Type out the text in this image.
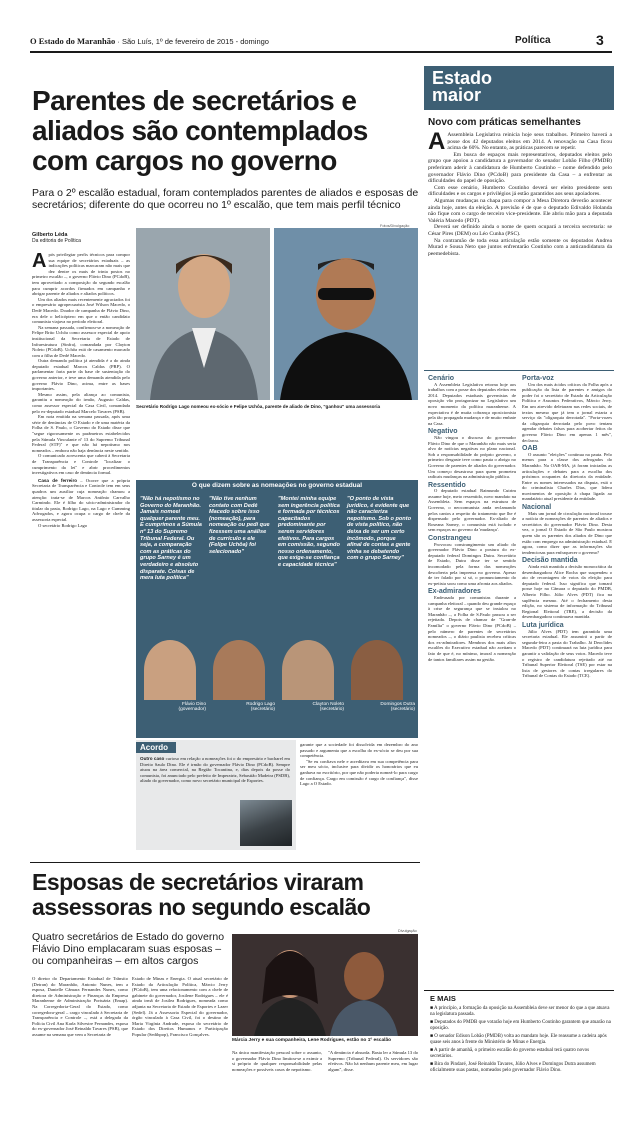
O Estado do Maranhão · São Luís, 1º de fevereiro de 2015 - domingo	Política	3
Parentes de secretários e aliados são contemplados com cargos no governo
Para o 2º escalão estadual, foram contemplados parentes de aliados e esposas de secretários; diferente do que ocorreu no 1º escalão, que tem mais perfil técnico
Fotos/Divulgação
Estado
maior
Novo com práticas semelhantes

A Assembleia Legislativa reinicia hoje seus trabalhos. Primeiro haverá a posse dos 42 deputados eleitos em 2014. A renovação na Casa ficou acima de 60%. No entanto, as práticas parecem se repetir.

Em busca de espaços mais representativos, deputados eleitos pelo grupo que apoiou a candidatura a governador do senador Lobão Filho (PMDB) preferiram aderir à candidatura de Humberto Coutinho – nome defendido pelo governador Flávio Dino (PCdoB) para presidente da Casa – a enfrentar as dificuldades do papel de oposição.

Com esse cenário, Humberto Coutinho deverá ser eleito presidente sem dificuldades e os cargos e privilégios já estão garantidos aos seus apoiadores.

Algumas mudanças na chapa para compor a Mesa Diretora deverão acontecer ainda hoje, antes da eleição. A previsão é de que o deputado Edivaldo Holanda não fique com o cargo de terceiro vice-presidente. Ele abriu mão para a deputada Valéria Macedo (PDT).

Deverá ser definido ainda o nome de quem ocupará a terceira secretaria: se César Pires (DEM) ou Léo Cunha (PSC).

Na contramão de toda essa articulação estão somente os deputados Andrea Murad e Sousa Neto que juntos enfrentarão Coutinho com a anticandidatura da peemedebista.

Cenário

A Assembleia Legislativa retorna hoje aos trabalhos com a posse dos deputados eleitos em 2014. Deputados estaduais governistas de oposição vão protagonizar no Legislativo um novo momento da política maranhense. A expectativa é de muita cobrança oposicionista pela tão propagada mudança e de muito embate na Casa.

Negativo

Não vingou o discurso do governador Flávio Dino de que o Maranhão não mais seria alvo de notícias negativas no plano nacional. Sob a responsabilidade do próprio governo, o primeiro desgaste teve como pauta o abrigo no Governo de parentes de aliados do governador. Um começo desastroso para quem prometeu radicais mudanças na administração pública.

Ressentido

O deputado estadual Raimundo Cutrim assume hoje, meio ressentido, novo mandato na Assembleia. Sem espaços na estrutura de Governo, o neocomunista anda reclamando pelos cantos a respeito do tratamento que lhe é dispensado pelo governador. Ex-aliado de Roseana Sarney, o comunista está isolado e sem espaços no governo da 'mudança'.

Constrangeu

Provocou constrangimento um aliado do governador Flávio Dino a postura do ex-deputado federal Domingos Dutra. Secretário de Estado, Dutra disse ter se sentido incomodado pela forma das nomeações descoberta pela imprensa no governo. Apesar de ter falado por si só, o pronunciamento do ex-petista soou como uma afronta aos aliados.

Ex-admiradores

Endeusada por comunistas durante a campanha eleitoral – quando deu grande espaço à crise de segurança que se instalou no Maranhão –, a Folha de S.Paulo passou a ser rejeitada. Depois de chamar de "Gran-de Família" o governo Flávio Dino (PCdoB) – pelo número de parentes de secretários nomeados –, o diário paulista recebeu críticas dos ex-admiradores. Membros dos mais altos escalões do Executivo estadual não aceitam o fato de que é, no mínimo, imoral a nomeação de tantos familiares assim na gestão.

Porta-voz

Um dos mais ácidos críticos da Folha após a publicação da lista de parentes e amigos do poder foi o secretário de Estado da Articulação Política e Assuntos Federativos, Márcio Jerry. Em um atrevido deletaram nas redes sociais, de textos mesmo que já tem o jornal estaria a serviço da "oligarquia derrotada". "Porta-vozes da oligarquia derrotada pelo povo tentam agendar debates falsos para acobertar feitos do governo Flávio Dino em apenas 1 mês", declarou.

OAB

O assunto "eleições" continua na pauta. Pelo menos para a classe dos advogados do Maranhão. Na OAB-MA, já foram iniciadas as articulações e debates para a escolha dos próximos ocupantes da diretoria da entidade. Entre os nomes interessados na disputa, está o do criminalista Charles Dias, que lidera movimentos de oposição à chapa ligada ao mandatário atual presidente da entidade.

Nacional

Mais um jornal de circulação nacional trouxe a notícia de nomeações de parentes de aliados e secretários do governador Flávio Dino. Desta vez, o jornal O Estado de São Paulo mostrou quem são os parentes dos aliados de Dino que estão com emprego na administração estadual. E agora, como dizer que as informações são tendenciosas para enfraquecer o governo?

Decisão mantida

Ainda está mantida a decisão monocrática da desembargadora Alice Rocha que suspendeu o ato de recontagem de votos da eleição para deputado federal. Isso significa que tomará posse hoje na Câmara o deputado do PMDB, Alberto Filho. Júlio Alves (PDT) fica na suplência mesmo. Até o fechamento desta edição, no sistema de informação do Tribunal Regional Eleitoral (TRE), a decisão da desembargadora continuava mantida.

Luta jurídica

Júlio Alves (PDT) tem garantida uma secretaria estadual. Ele assumirá a partir de segunda-feira a pasta do Trabalho. Já Deoclides Macedo (PDT) continuará na luta jurídica para garantir a validação de seus votos. Macedo teve o registro de candidatura rejeitado até no Tribunal Superior Eleitoral (TSE) por estar na lista de gestores de contas irregulares do Tribunal de Contas do Estado (TCE).

E MAIS
■ A princípio, a formação da oposição na Assembleia deve ser menor do que a que atuava na legislatura passada.
■ Deputados do PMDB que votarão hoje em Humberto Coutinho garantem que atuarão na oposição.
■ O senador Edison Lobão (PMDB) volta ao mandato hoje. Ele reassume a cadeira após quase seis anos à frente do Ministério de Minas e Energia.
■ A partir de amanhã, o primeiro escalão do governo estadual terá quatro novos secretários.
■ Bira do Pindaré, José Reinaldo Tavares, Júlio Alves e Domingos Dutra assumem oficialmente suas pastas, nomeados pelo governador Flávio Dino.
Gilberto Léda
Da editoria de Política

Após privilegiar perfis técnicos para compor sua equipe de secretários estaduais – as indicações políticas marcaram não mais que dez dentre os mais de trinta postos no primeiro escalão –, o governo Flávio Dino (PCdoB), tem aproveitado a composição do segundo escalão para cumprir acordos firmados em campanha e abrigar parente de aliados e aliados políticos.

Um dos aliados mais recentemente agraciados foi o empresário agropecuarista José Wilson Macedo, o Dedé Macedo. Doador de campanha de Flávio Dino, era dele o helicóptero em que o então candidato comunista viajava no período eleitoral.

Na semana passada, confirmou-se a nomeação de Felipe Brito Uchôa como assessor especial de apoio institucional da Secretaria de Estado de Infraestrutura (Sinfra), comandada por Clayton Noleto (PCdoB). Uchôa está de casamento marcado com a filha de Dedé Macedo.

Outra demanda política já atendida é a do ainda deputado estadual Marcos Caldas (PRP). O parlamentar faria parte da base de sustentação do governo anterior, e teve uma demanda atendida pelo governo Flávio Dino, acima, entre as bases importantes.

Mesmo assim, pela aliança ao comunista, garantiu a nomeação do irmão, Augusto Caldas, como assessor especial da Casa Civil, comandada pelo ex-deputado estadual Marcelo Tavares (PSB).

Em nota emitida na semana passada, após uma série de denúncias de O Estado e de uma matéria da Folha de S. Paulo, o Governo do Estado disse que "segue rigorosamente os parâmetros estabelecidos pela Súmula Vinculante nº 13 do Supremo Tribunal Federal (STF)" e que não há nepotismo nos nomeados – embora não haja denúncia neste sentido.

O comunicado acrescenta que caberá à Secretaria de Transparência e Controle "localizar o cumprimento da lei" e abrir procedimentos investigativos em caso de denúncia formal.

Casa de ferreiro – Ocorre que a própria Secretaria de Transparência e Controle tem em seus quadros um auxiliar cuja nomeação chamou a atenção: trata-se de Marcos Antônio Carvalho Carmindo. Ele é filho do sócio-administrador do titular da pasta, Rodrigo Lago, na Lago e Cumming Advogados, e agora ocupa o cargo de chefe da assessoria especial.

O secretário Rodrigo Lago

Secretário Rodrigo Lago nomeou ex-sócio e Felipe Uchôa, parente de aliado de Dino, "ganhou" uma assessoria
O que dizem sobre as nomeações no governo estadual
"Não há nepotismo no Governo do Maranhão. Jamais nomeei qualquer parente meu. E cumprimos a Súmula nº 13 do Supremo Tribunal Federal. Ou seja, a comparação com as práticas do grupo Sarney é um verdadeiro e absoluto disparate. Coisas de mera luta política"
"Não tive nenhum contato com Dedé Macedo sobre isso (nomeação), para nomeação ou pedi que fizessem uma análise de currículo e ele (Felipe Uchôa) foi selecionado"
"Montei minha equipe sem ingerência política e formada por técnicos capacitados predominante por serem servidores efetivos. Para cargos em comissão, segundo nosso ordenamento, que exige-se confiança e capacidade técnica"
"O ponto de vista jurídico, é evidente que não caracteriza nepotismo. Sob o ponto de vista político, não deixa de ser um certo incômodo, porque afinal de contas a gente vinha se debatendo com o grupo Sarney"
Flávio Dino
(governador)
Rodrigo Lago
(secretário)
Clayton Noleto
(secretário)
Domingos Dutra
(secretário)
Acordo
Outro caso curioso em relação a nomeações foi o do empresário e bacharel em Direito Saulo Dino. Ele é irmão do governador Flávio Dino (PCdoB). Sempre atuou na área comercial, na Região Tocantina, e, dias depois da posse do comunista, foi anunciado pelo prefeito de Imperatriz, Sebastião Madeira (PSDB), aliado do governador, como novo secretário municipal de Esportes.

garante que a sociedade foi dissolvida em dezembro do ano passado e argumenta que a escolha do ex-sócio se deu por sua competência.

"Se eu confiava nele e acreditava em sua competência para ser meu sócio, inclusive para dividir os honorários que eu ganhava no escritório, por que não poderia nomeá-lo para cargo de confiança. Cargo em comissão é cargo de confiança", disse Lago a O Estado.

Esposas de secretários viraram assessoras no segundo escalão
Quatro secretários de Estado do governo Flávio Dino emplacaram suas esposas – ou companheiras – em altos cargos
Divulgação
Márcia Jerry e sua companheira, Lene Rodrigues, estão no 1º escalão

O diretor do Departamento Estadual de Trânsito (Detran) do Maranhão, Antonio Nunes, tem a esposa, Danielle Câmara Fernandes Nunes, como diretora de Administração e Finanças da Empresa Maranhense de Administração Portuária (Emap). Na Corregedoria-Geral do Estado, como corregedora-geral – cargo vinculado à Secretaria de Transparência e Controle –, está a delegada da Polícia Civil Ana Karla Silvestre Fernandes, esposa do ex-governador José Reinaldo Tavares (PSB), que assume na semana que vem a Secretaria de

Estado de Minas e Energia. O atual secretário de Estado da Articulação Política, Márcio Jerry (PCdoB), tem uma relacionamento com a chefe de gabinete do governador, Josilene Rodrigues – ele é ainda irmã de Josilea Rodrigues, nomeada como adjunta na Secretaria de Estado de Esportes e Lazer (Sedel). Já a Assessoria Especial do governador, órgão vinculado à Casa Civil, foi o destino de Maria Virgínia Andrade, esposa do secretário de Estado dos Direitos Humanos e Participação Popular (Sedihpop), Francisco Gonçalves.

Na única manifestação pessoal sobre o assunto, o governador Flávio Dino limitou-se a eximir a si próprio de qualquer responsabilidade pelas nomeações e possíveis casos de nepotismo.

"A denúncia é absurda. Basta ler a Súmula 13 do Supremo (Tribunal Federal). Os servidores são efetivos. Não há nenhum parente meu, em lugar algum", disse.
